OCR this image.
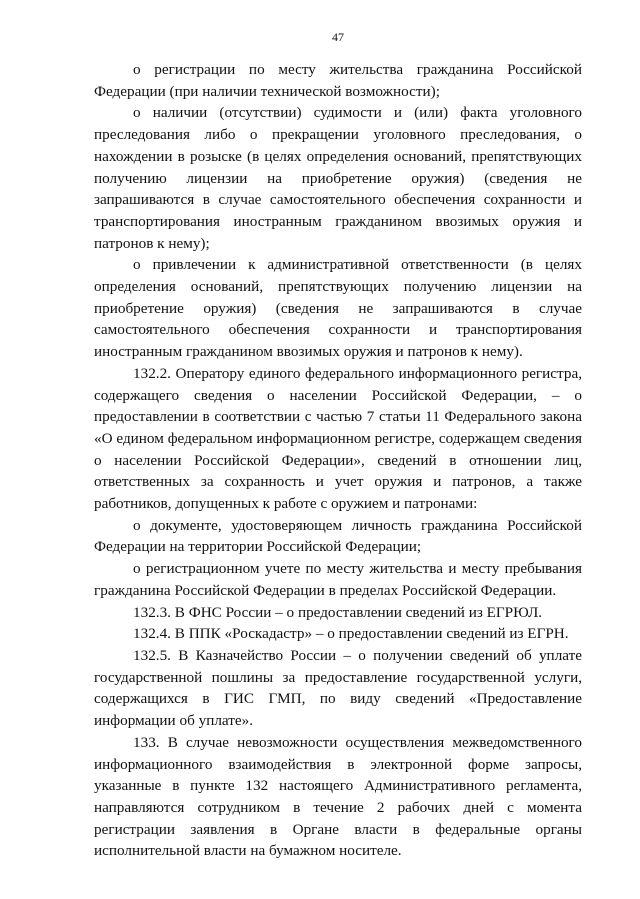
47

о регистрации по месту жительства гражданина Российской Федерации (при наличии технической возможности);

о наличии (отсутствии) судимости и (или) факта уголовного преследования либо о прекращении уголовного преследования, о нахождении в розыске (в целях определения оснований, препятствующих получению лицензии на приобретение оружия) (сведения не запрашиваются в случае самостоятельного обеспечения сохранности и транспортирования иностранным гражданином ввозимых оружия и патронов к нему);

о привлечении к административной ответственности (в целях определения оснований, препятствующих получению лицензии на приобретение оружия) (сведения не запрашиваются в случае самостоятельного обеспечения сохранности и транспортирования иностранным гражданином ввозимых оружия и патронов к нему).

132.2. Оператору единого федерального информационного регистра, содержащего сведения о населении Российской Федерации, – о предоставлении в соответствии с частью 7 статьи 11 Федерального закона «О едином федеральном информационном регистре, содержащем сведения о населении Российской Федерации», сведений в отношении лиц, ответственных за сохранность и учет оружия и патронов, а также работников, допущенных к работе с оружием и патронами:

о документе, удостоверяющем личность гражданина Российской Федерации на территории Российской Федерации;

о регистрационном учете по месту жительства и месту пребывания гражданина Российской Федерации в пределах Российской Федерации.

132.3. В ФНС России – о предоставлении сведений из ЕГРЮЛ.

132.4. В ППК «Роскадастр» – о предоставлении сведений из ЕГРН.

132.5. В Казначейство России – о получении сведений об уплате государственной пошлины за предоставление государственной услуги, содержащихся в ГИС ГМП, по виду сведений «Предоставление информации об уплате».

133. В случае невозможности осуществления межведомственного информационного взаимодействия в электронной форме запросы, указанные в пункте 132 настоящего Административного регламента, направляются сотрудником в течение 2 рабочих дней с момента регистрации заявления в Органе власти в федеральные органы исполнительной власти на бумажном носителе.
